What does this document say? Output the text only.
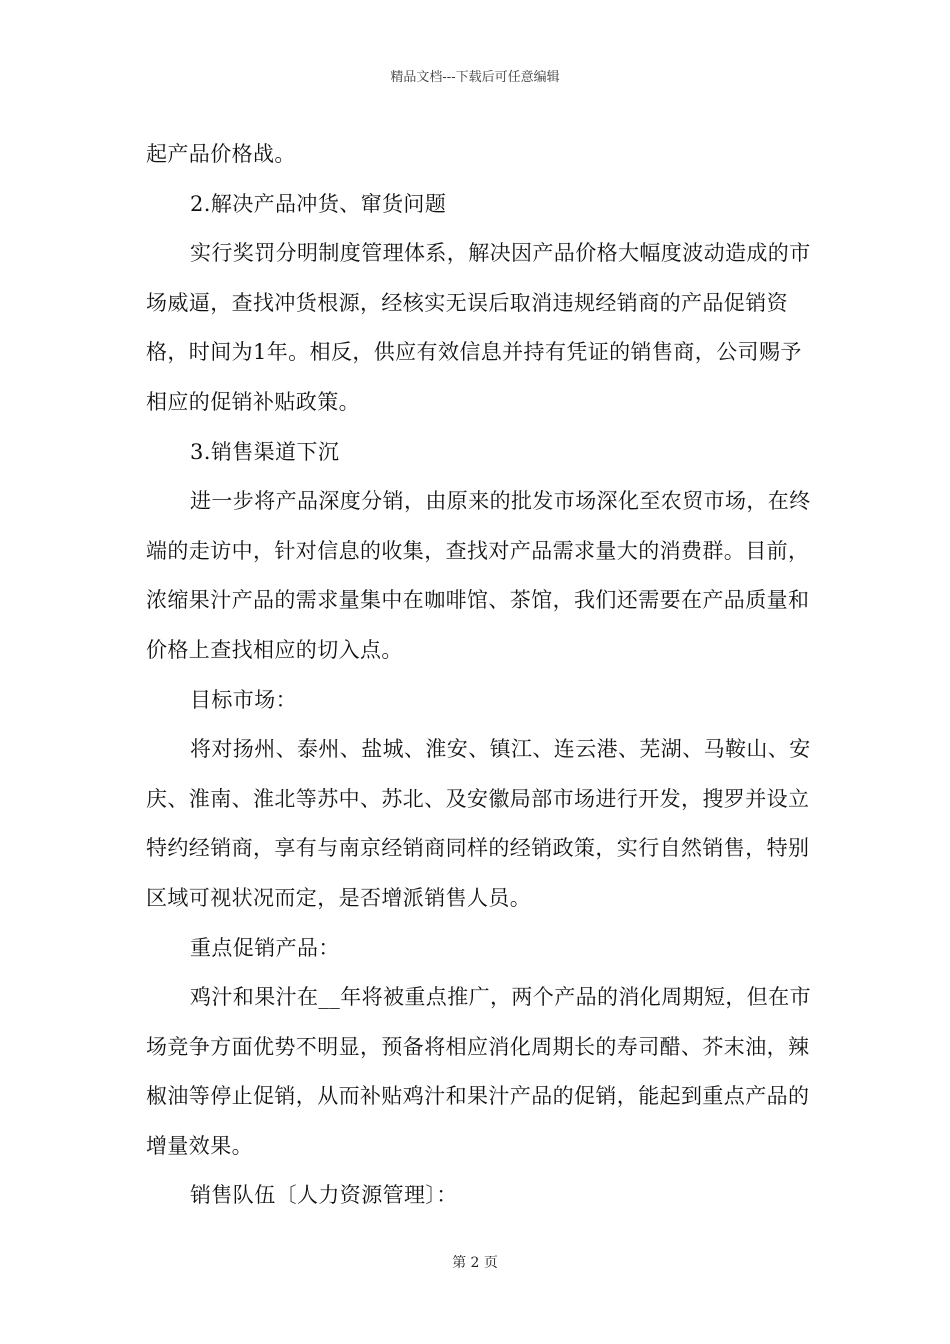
精品文档---下载后可任意编辑

起产品价格战。

2.解决产品冲货、窜货问题

实行奖罚分明制度管理体系，解决因产品价格大幅度波动造成的市场威逼，查找冲货根源，经核实无误后取消违规经销商的产品促销资格，时间为1年。相反，供应有效信息并持有凭证的销售商，公司赐予相应的促销补贴政策。

3.销售渠道下沉

进一步将产品深度分销，由原来的批发市场深化至农贸市场，在终端的走访中，针对信息的收集，查找对产品需求量大的消费群。目前，浓缩果汁产品的需求量集中在咖啡馆、茶馆，我们还需要在产品质量和价格上查找相应的切入点。

目标市场：

将对扬州、泰州、盐城、淮安、镇江、连云港、芜湖、马鞍山、安庆、淮南、淮北等苏中、苏北、及安徽局部市场进行开发，搜罗并设立特约经销商，享有与南京经销商同样的经销政策，实行自然销售，特别区域可视状况而定，是否增派销售人员。

重点促销产品：

鸡汁和果汁在__年将被重点推广，两个产品的消化周期短，但在市场竞争方面优势不明显，预备将相应消化周期长的寿司醋、芥末油，辣椒油等停止促销，从而补贴鸡汁和果汁产品的促销，能起到重点产品的增量效果。

销售队伍〔人力资源管理〕：

第 2 页
